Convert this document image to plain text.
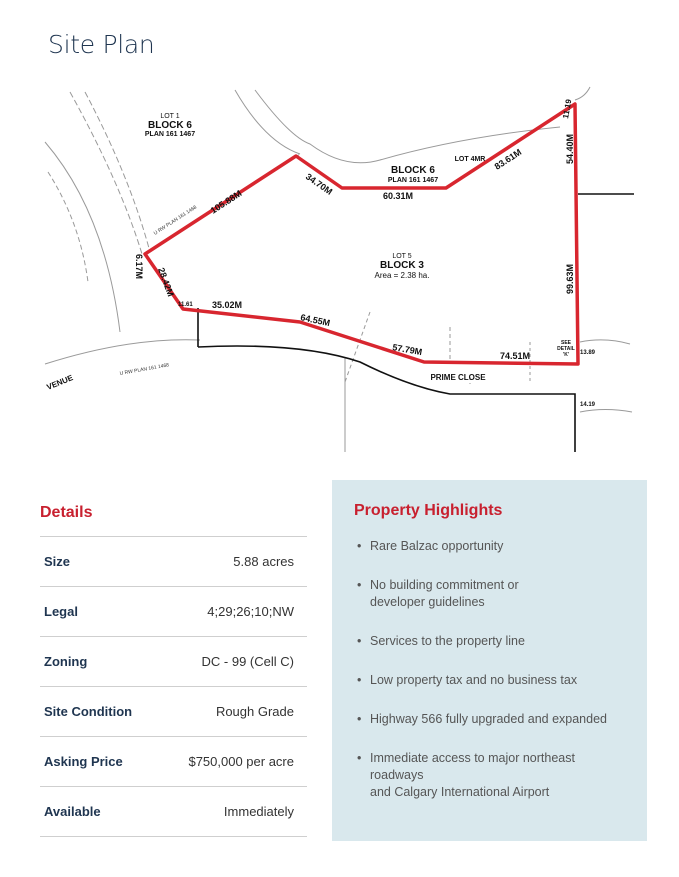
Site Plan
LOT 1
BLOCK 6
PLAN 161 1467
BLOCK 6
PLAN 161 1467
LOT 4MR
LOT 5
BLOCK 3
Area = 2.38 ha.
PRIME CLOSE
VENUE
U RW PLAN 161 1468
U RW PLAN 161 1468
SEE
DETAIL
'K'
105.88M
34.70M	60.31M
83.61M
11.19
54.40M
6.17M 28.42M
11.61 35.02M
64.55M
57.79M	74.51M
99.63M
13.89
14.19
Details
Size	5.88 acres
Legal	4;29;26;10;NW
Zoning	DC - 99 (Cell C)
Site Condition	Rough Grade
Asking Price	$750,000 per acre
Available	Immediately
Property Highlights
• Rare Balzac opportunity
• No building commitment or
developer guidelines
• Services to the property line
• Low property tax and no business tax
• Highway 566 fully upgraded and expanded
• Immediate access to major northeast roadways
and Calgary International Airport
